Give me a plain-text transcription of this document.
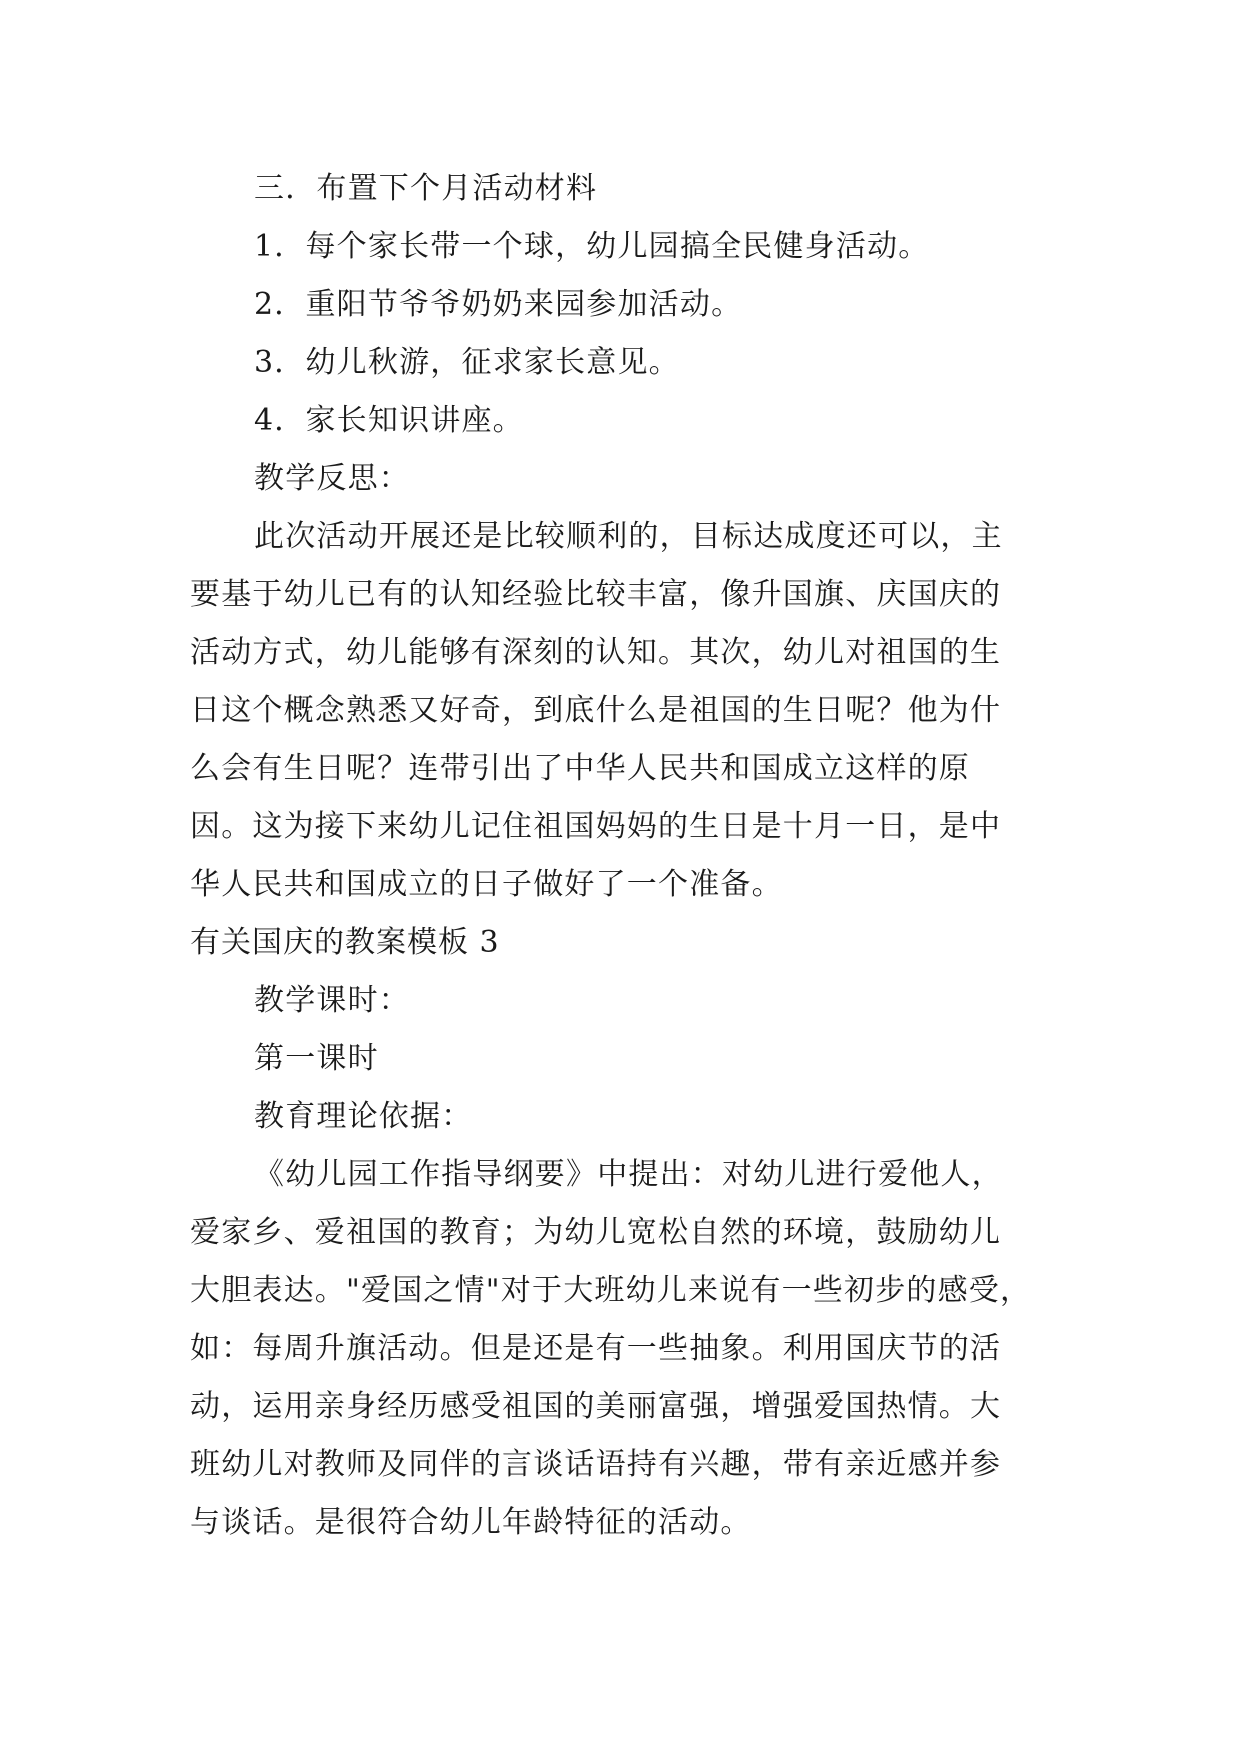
三．布置下个月活动材料
1．每个家长带一个球，幼儿园搞全民健身活动。
2．重阳节爷爷奶奶来园参加活动。
3．幼儿秋游，征求家长意见。
4．家长知识讲座。
教学反思：
此次活动开展还是比较顺利的，目标达成度还可以，主
要基于幼儿已有的认知经验比较丰富，像升国旗、庆国庆的
活动方式，幼儿能够有深刻的认知。其次，幼儿对祖国的生
日这个概念熟悉又好奇，到底什么是祖国的生日呢？他为什
么会有生日呢？连带引出了中华人民共和国成立这样的原
因。这为接下来幼儿记住祖国妈妈的生日是十月一日，是中
华人民共和国成立的日子做好了一个准备。
有关国庆的教案模板 3
教学课时：
第一课时
教育理论依据：
《幼儿园工作指导纲要》中提出：对幼儿进行爱他人，
爱家乡、爱祖国的教育；为幼儿宽松自然的环境，鼓励幼儿
大胆表达。"爱国之情"对于大班幼儿来说有一些初步的感受，
如：每周升旗活动。但是还是有一些抽象。利用国庆节的活
动，运用亲身经历感受祖国的美丽富强，增强爱国热情。大
班幼儿对教师及同伴的言谈话语持有兴趣，带有亲近感并参
与谈话。是很符合幼儿年龄特征的活动。
